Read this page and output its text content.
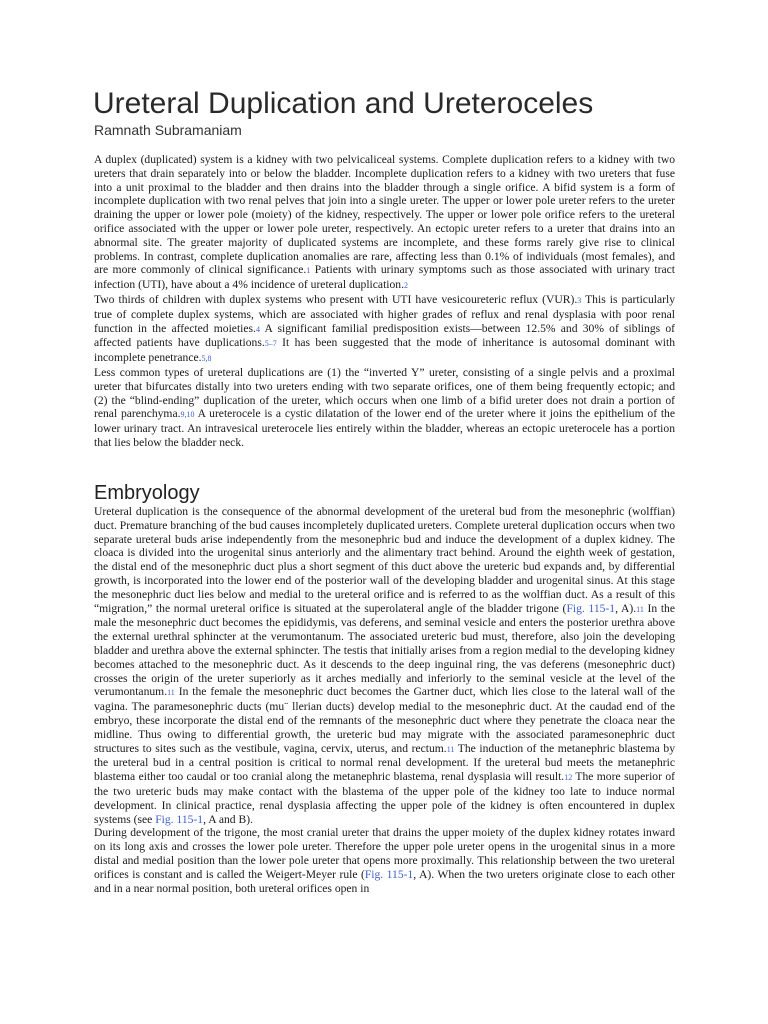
Ureteral Duplication and Ureteroceles
Ramnath Subramaniam

A duplex (duplicated) system is a kidney with two pelvicaliceal systems. Complete duplication refers to a kidney with two ureters that drain separately into or below the bladder. Incomplete duplication refers to a kidney with two ureters that fuse into a unit proximal to the bladder and then drains into the bladder through a single orifice. A bifid system is a form of incomplete duplication with two renal pelves that join into a single ureter. The upper or lower pole ureter refers to the ureter draining the upper or lower pole (moiety) of the kidney, respectively. The upper or lower pole orifice refers to the ureteral orifice associated with the upper or lower pole ureter, respectively. An ectopic ureter refers to a ureter that drains into an abnormal site. The greater majority of duplicated systems are incomplete, and these forms rarely give rise to clinical problems. In contrast, complete duplication anomalies are rare, affecting less than 0.1% of individuals (most females), and are more commonly of clinical significance.1 Patients with urinary symptoms such as those associated with urinary tract infection (UTI), have about a 4% incidence of ureteral duplication.2

Two thirds of children with duplex systems who present with UTI have vesicoureteric reflux (VUR).3 This is particularly true of complete duplex systems, which are associated with higher grades of reflux and renal dysplasia with poor renal function in the affected moieties.4 A significant familial predisposition exists—between 12.5% and 30% of siblings of affected patients have duplications.5–7 It has been suggested that the mode of inheritance is autosomal dominant with incomplete penetrance.5,8

Less common types of ureteral duplications are (1) the “inverted Y” ureter, consisting of a single pelvis and a proximal ureter that bifurcates distally into two ureters ending with two separate orifices, one of them being frequently ectopic; and (2) the “blind-ending” duplication of the ureter, which occurs when one limb of a bifid ureter does not drain a portion of renal parenchyma.9,10 A ureterocele is a cystic dilatation of the lower end of the ureter where it joins the epithelium of the lower urinary tract. An intravesical ureterocele lies entirely within the bladder, whereas an ectopic ureterocele has a portion that lies below the bladder neck.

Embryology

Ureteral duplication is the consequence of the abnormal development of the ureteral bud from the mesonephric (wolffian) duct. Premature branching of the bud causes incompletely duplicated ureters. Complete ureteral duplication occurs when two separate ureteral buds arise independently from the mesonephric bud and induce the development of a duplex kidney. The cloaca is divided into the urogenital sinus anteriorly and the alimentary tract behind. Around the eighth week of gestation, the distal end of the mesonephric duct plus a short segment of this duct above the ureteric bud expands and, by differential growth, is incorporated into the lower end of the posterior wall of the developing bladder and urogenital sinus. At this stage the mesonephric duct lies below and medial to the ureteral orifice and is referred to as the wolffian duct. As a result of this “migration,” the normal ureteral orifice is situated at the superolateral angle of the bladder trigone (Fig. 115-1, A).11 In the male the mesonephric duct becomes the epididymis, vas deferens, and seminal vesicle and enters the posterior urethra above the external urethral sphincter at the verumontanum. The associated ureteric bud must, therefore, also join the developing bladder and urethra above the external sphincter. The testis that initially arises from a region medial to the developing kidney becomes attached to the mesonephric duct. As it descends to the deep inguinal ring, the vas deferens (mesonephric duct) crosses the origin of the ureter superiorly as it arches medially and inferiorly to the seminal vesicle at the level of the verumontanum.11 In the female the mesonephric duct becomes the Gartner duct, which lies close to the lateral wall of the vagina. The paramesonephric ducts (mu¨ llerian ducts) develop medial to the mesonephric duct. At the caudad end of the embryo, these incorporate the distal end of the remnants of the mesonephric duct where they penetrate the cloaca near the midline. Thus owing to differential growth, the ureteric bud may migrate with the associated paramesonephric duct structures to sites such as the vestibule, vagina, cervix, uterus, and rectum.11 The induction of the metanephric blastema by the ureteral bud in a central position is critical to normal renal development. If the ureteral bud meets the metanephric blastema either too caudal or too cranial along the metanephric blastema, renal dysplasia will result.12 The more superior of the two ureteric buds may make contact with the blastema of the upper pole of the kidney too late to induce normal development. In clinical practice, renal dysplasia affecting the upper pole of the kidney is often encountered in duplex systems (see Fig. 115-1, A and B).

During development of the trigone, the most cranial ureter that drains the upper moiety of the duplex kidney rotates inward on its long axis and crosses the lower pole ureter. Therefore the upper pole ureter opens in the urogenital sinus in a more distal and medial position than the lower pole ureter that opens more proximally. This relationship between the two ureteral orifices is constant and is called the Weigert-Meyer rule (Fig. 115-1, A). When the two ureters originate close to each other and in a near normal position, both ureteral orifices open in
